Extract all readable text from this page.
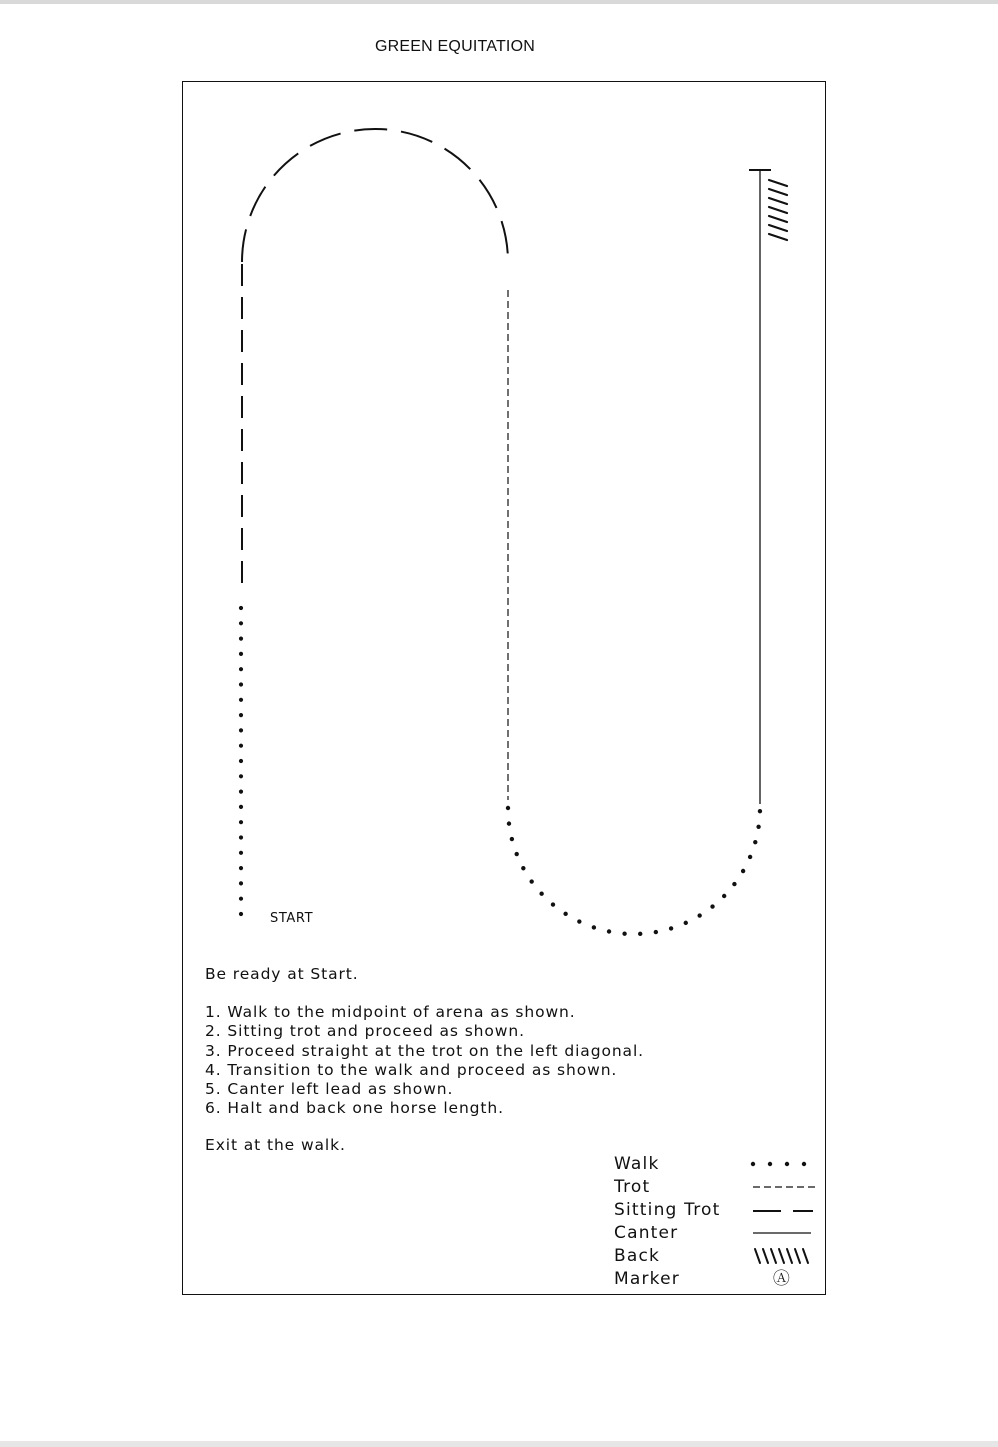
GREEN EQUITATION
START
Be ready at Start.
1. Walk to the midpoint of arena as shown.
2. Sitting trot and proceed as shown.
3. Proceed straight at the trot on the left diagonal.
4. Transition to the walk and proceed as shown.
5. Canter left lead as shown.
6. Halt and back one horse length.
Exit at the walk.
Walk
Trot
Sitting Trot
Canter
Back
Marker	Ⓐ
